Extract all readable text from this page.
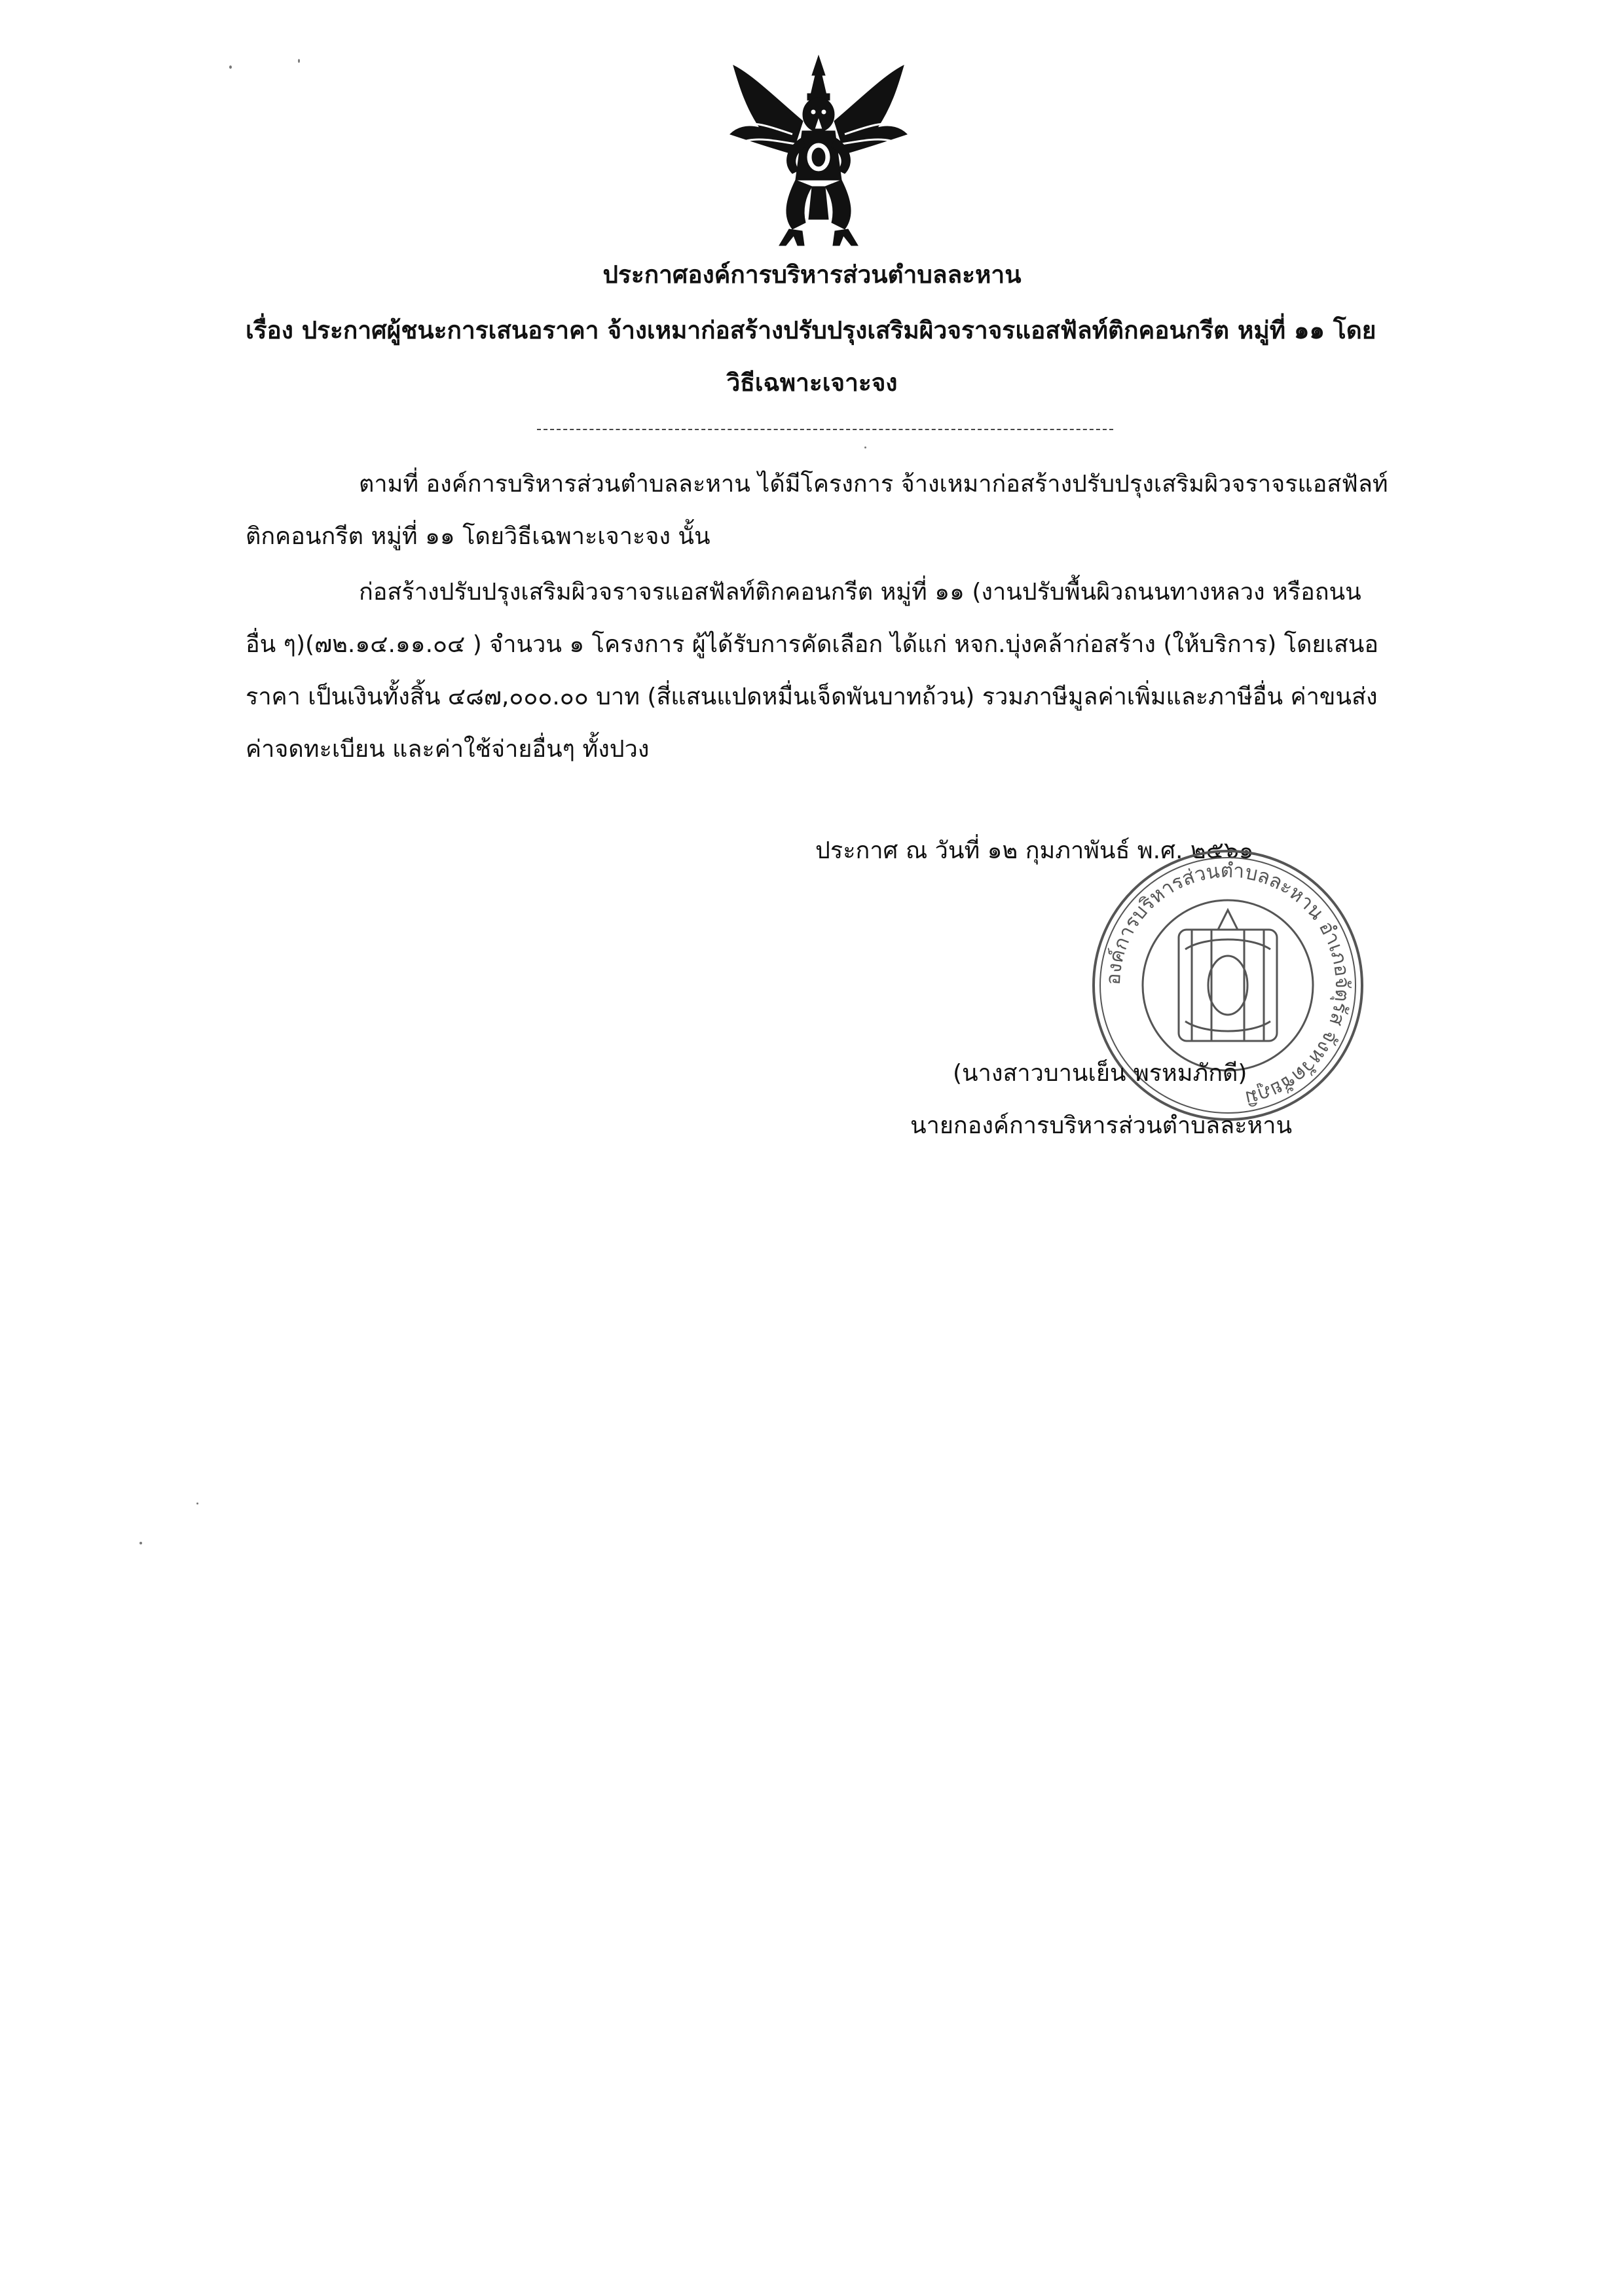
ประกาศองค์การบริหารส่วนตำบลละหาน
เรื่อง ประกาศผู้ชนะการเสนอราคา จ้างเหมาก่อสร้างปรับปรุงเสริมผิวจราจรแอสฟัลท์ติกคอนกรีต หมู่ที่ ๑๑ โดย
วิธีเฉพาะเจาะจง
ตามที่ องค์การบริหารส่วนตำบลละหาน ได้มีโครงการ จ้างเหมาก่อสร้างปรับปรุงเสริมผิวจราจรแอสฟัลท์
ติกคอนกรีต หมู่ที่ ๑๑ โดยวิธีเฉพาะเจาะจง นั้น
ก่อสร้างปรับปรุงเสริมผิวจราจรแอสฟัลท์ติกคอนกรีต หมู่ที่ ๑๑ (งานปรับพื้นผิวถนนทางหลวง หรือถนน
อื่น ๆ)(๗๒.๑๔.๑๑.๐๔ ) จำนวน ๑ โครงการ ผู้ได้รับการคัดเลือก ได้แก่ หจก.บุ่งคล้าก่อสร้าง (ให้บริการ) โดยเสนอ
ราคา เป็นเงินทั้งสิ้น ๔๘๗,๐๐๐.๐๐ บาท (สี่แสนแปดหมื่นเจ็ดพันบาทถ้วน) รวมภาษีมูลค่าเพิ่มและภาษีอื่น ค่าขนส่ง
ค่าจดทะเบียน และค่าใช้จ่ายอื่นๆ ทั้งปวง
ประกาศ ณ วันที่ ๑๒ กุมภาพันธ์ พ.ศ. ๒๕๖๑
องค์การบริหารส่วนตำบลละหาน อำเภอจัตุรัส จังหวัดชัยภูมิ
(นางสาวบานเย็น พรหมภักดี)
นายกองค์การบริหารส่วนตำบลละหาน
